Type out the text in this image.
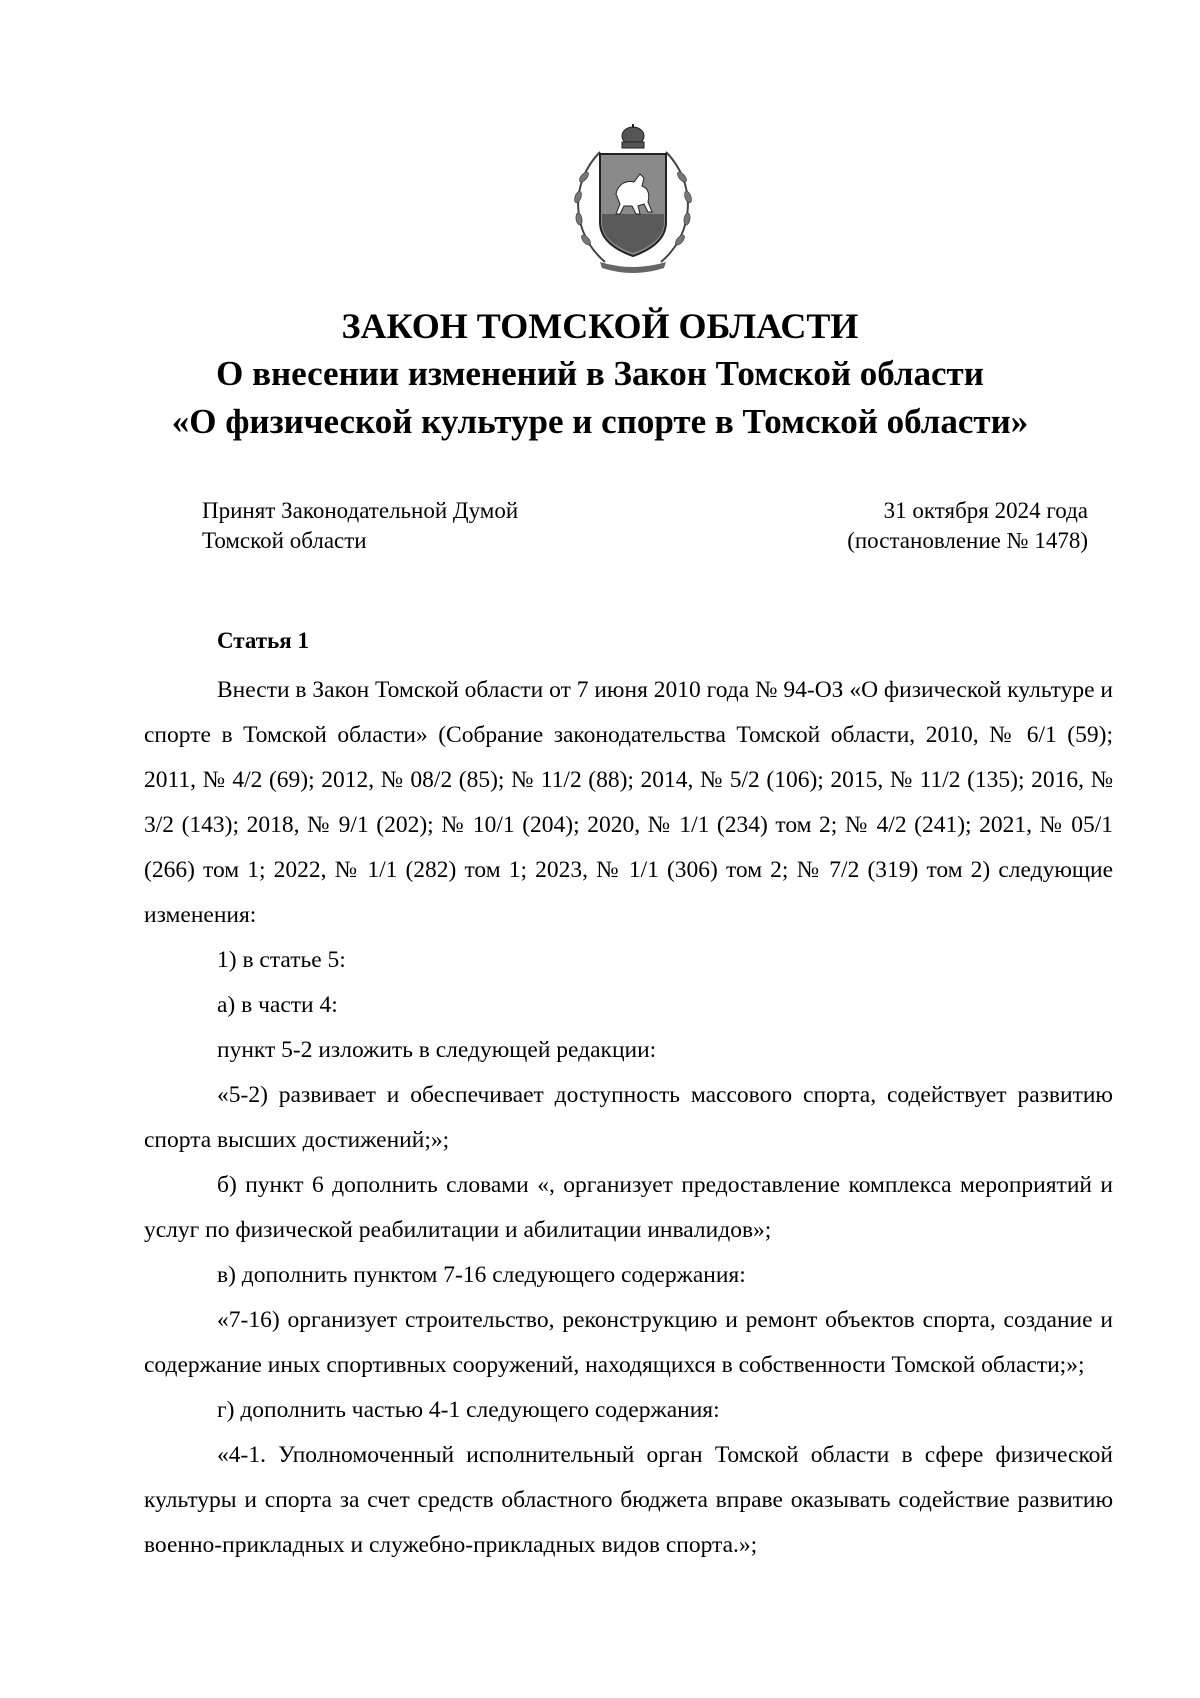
ЗАКОН ТОМСКОЙ ОБЛАСТИ

О внесении изменений в Закон Томской области

«О физической культуре и спорте в Томской области»

Принят Законодательной Думой
Томской области
31 октября 2024 года
(постановление № 1478)
Статья 1

Внести в Закон Томской области от 7 июня 2010 года № 94-ОЗ «О физической культуре и спорте в Томской области» (Собрание законодательства Томской области, 2010, № 6/1 (59); 2011, № 4/2 (69); 2012, № 08/2 (85); № 11/2 (88); 2014, № 5/2 (106); 2015, № 11/2 (135); 2016, № 3/2 (143); 2018, № 9/1 (202); № 10/1 (204); 2020, № 1/1 (234) том 2; № 4/2 (241); 2021, № 05/1 (266) том 1; 2022, № 1/1 (282) том 1; 2023, № 1/1 (306) том 2; № 7/2 (319) том 2) следующие изменения:

1) в статье 5:

а) в части 4:

пункт 5-2 изложить в следующей редакции:

«5-2) развивает и обеспечивает доступность массового спорта, содействует развитию спорта высших достижений;»;

б) пункт 6 дополнить словами «, организует предоставление комплекса мероприятий и услуг по физической реабилитации и абилитации инвалидов»;

в) дополнить пунктом 7-16 следующего содержания:

«7-16) организует строительство, реконструкцию и ремонт объектов спорта, создание и содержание иных спортивных сооружений, находящихся в собственности Томской области;»;

г) дополнить частью 4-1 следующего содержания:

«4-1. Уполномоченный исполнительный орган Томской области в сфере физической культуры и спорта за счет средств областного бюджета вправе оказывать содействие развитию военно-прикладных и служебно-прикладных видов спорта.»;
